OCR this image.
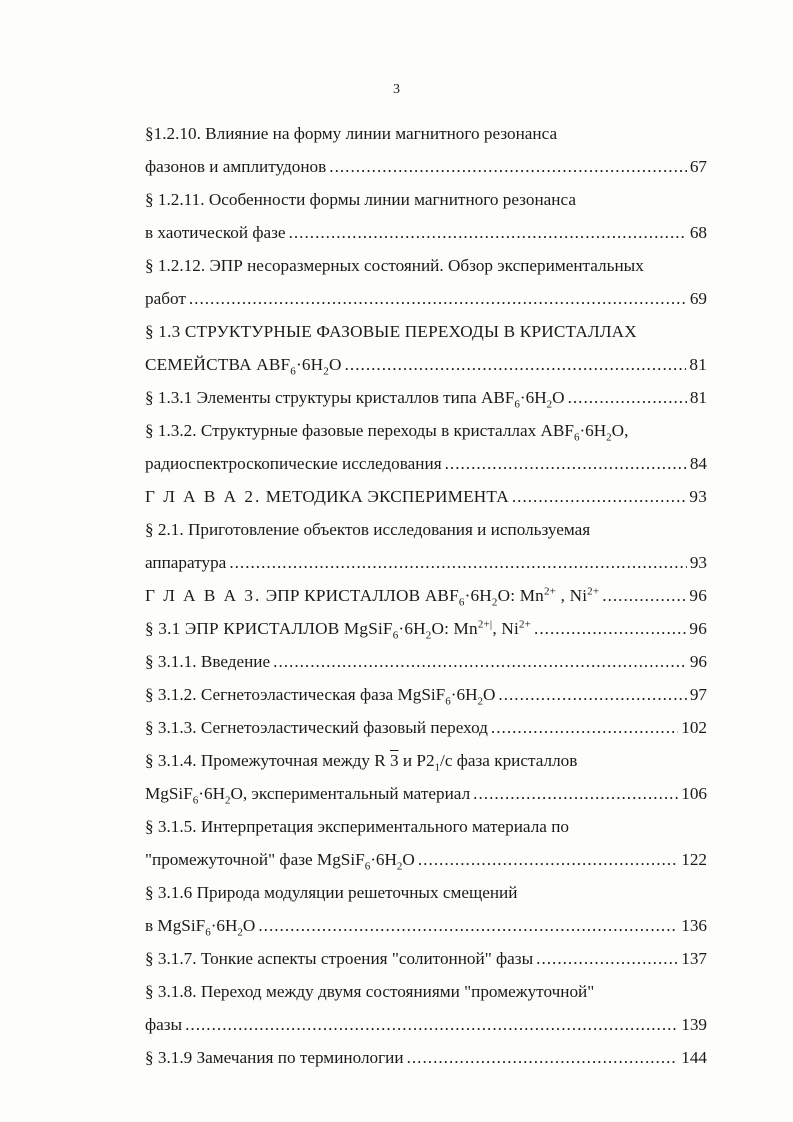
3
§1.2.10. Влияние на форму линии магнитного резонанса
фазонов и амплитудонов .....	67
§ 1.2.11. Особенности формы линии магнитного резонанса
в хаотической фазе .....	68
§ 1.2.12. ЭПР несоразмерных состояний. Обзор экспериментальных
работ .....	69
§ 1.3 СТРУКТУРНЫЕ ФАЗОВЫЕ ПЕРЕХОДЫ В КРИСТАЛЛАХ
СЕМЕЙСТВА $ABF_6\cdot 6H_2O$ .....	81
§ 1.3.1 Элементы структуры кристаллов типа $ABF_6\cdot 6H_2O$ .....	81
§ 1.3.2. Структурные фазовые переходы в кристаллах $ABF_6\cdot 6H_2O$,
радиоспектроскопические исследования .....	84
Г Л А В А 2. МЕТОДИКА ЭКСПЕРИМЕНТА .....	93
§ 2.1. Приготовление объектов исследования и используемая
аппаратура .....	93
Г Л А В А 3. ЭПР КРИСТАЛЛОВ $ABF_6\cdot 6H_2O$: $Mn^{2+}$ , $Ni^{2+}$ .....	96
§ 3.1 ЭПР КРИСТАЛЛОВ $MgSiF_6\cdot 6H_2O$: $Mn^{2+|}$, $Ni^{2+}$ .....	96
§ 3.1.1. Введение .....	96
§ 3.1.2. Сегнетоэластическая фаза $MgSiF_6\cdot 6H_2O$ .....	97
§ 3.1.3. Сегнетоэластический фазовый переход .....	102
§ 3.1.4. Промежуточная между R 3 и $P2_1/c$ фаза кристаллов
$MgSiF_6\cdot 6H_2O$, экспериментальный материал .....	106
§ 3.1.5. Интерпретация экспериментального материала по
"промежуточной" фазе $MgSiF_6\cdot 6H_2O$ .....	122
§ 3.1.6 Природа модуляции решеточных смещений
в $MgSiF_6\cdot 6H_2O$ .....	136
§ 3.1.7. Тонкие аспекты строения "солитонной" фазы .....	137
§ 3.1.8. Переход между двумя состояниями "промежуточной"
фазы .....	139
§ 3.1.9 Замечания по терминологии .....	144
